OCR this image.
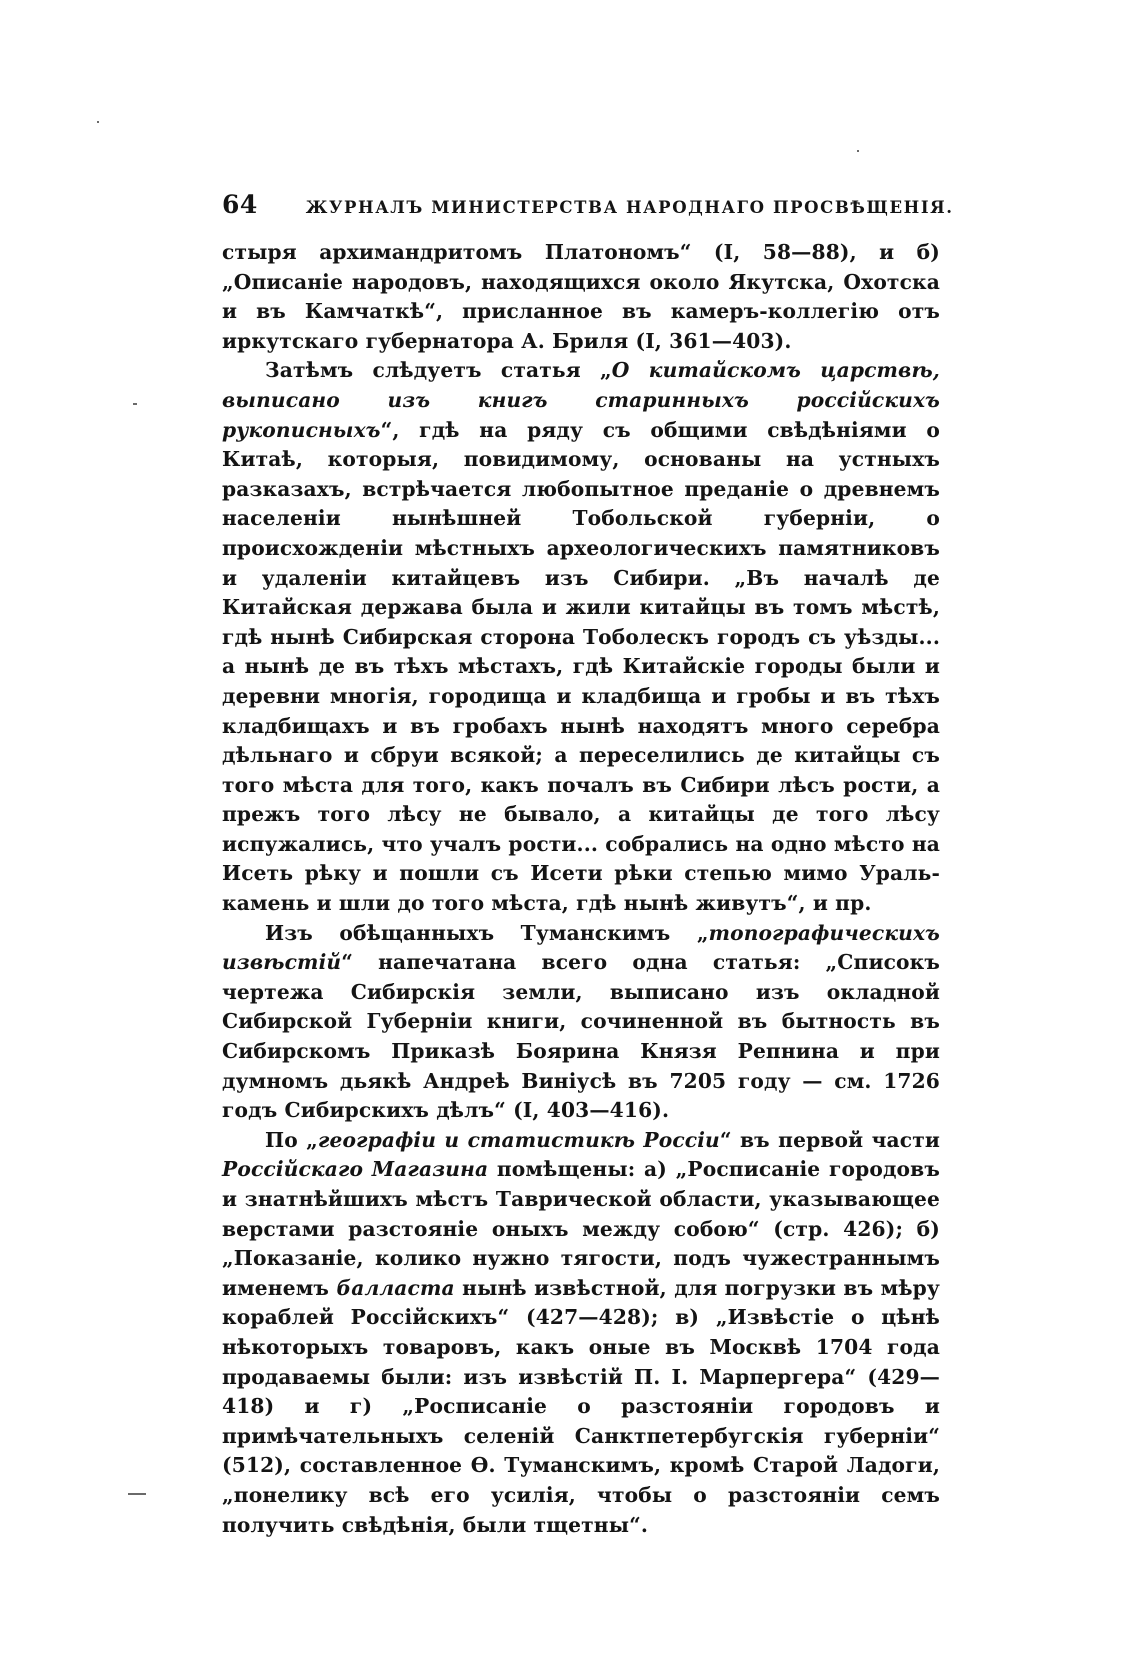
64	ЖУРНАЛЪ МИНИСТЕРСТВА НАРОДНАГО ПРОСВѢЩЕНІЯ.

стыря архимандритомъ Платономъ“ (I, 58—88), и б) „Описаніе народовъ, находящихся около Якутска, Охотска и въ Камчаткѣ“, присланное въ камеръ-коллегію отъ иркутскаго губернатора А. Бриля (I, 361—403).

Затѣмъ слѣдуетъ статья „О китайскомъ царствѣ, выписано изъ книгъ старинныхъ россійскихъ рукописныхъ“, гдѣ на ряду съ общими свѣдѣніями о Китаѣ, которыя, повидимому, основаны на устныхъ разказахъ, встрѣчается любопытное преданіе о древнемъ населеніи нынѣшней Тобольской губерніи, о происхожденіи мѣстныхъ археологическихъ памятниковъ и удаленіи китайцевъ изъ Сибири. „Въ началѣ де Китайская держава была и жили китайцы въ томъ мѣстѣ, гдѣ нынѣ Сибирская сторона Тоболескъ городъ съ уѣзды... а нынѣ де въ тѣхъ мѣстахъ, гдѣ Китайскіе городы были и деревни многія, городища и кладбища и гробы и въ тѣхъ кладбищахъ и въ гробахъ нынѣ находятъ много серебра дѣльнаго и сбруи всякой; а переселились де китайцы съ того мѣста для того, какъ почалъ въ Сибири лѣсъ рости, а прежъ того лѣсу не бывало, а китайцы де того лѣсу испужались, что учалъ рости... собрались на одно мѣсто на Исеть рѣку и пошли съ Исети рѣки степью мимо Ураль-камень и шли до того мѣста, гдѣ нынѣ живутъ“, и пр.

Изъ обѣщанныхъ Туманскимъ „топографическихъ извѣстій“ напечатана всего одна статья: „Списокъ чертежа Сибирскія земли, выписано изъ окладной Сибирской Губерніи книги, сочиненной въ бытность въ Сибирскомъ Приказѣ Боярина Князя Репнина и при думномъ дьякѣ Андреѣ Виніусѣ въ 7205 году — см. 1726 годъ Сибирскихъ дѣлъ“ (I, 403—416).

По „географіи и статистикѣ Россіи“ въ первой части Россійскаго Магазина помѣщены: а) „Росписаніе городовъ и знатнѣйшихъ мѣстъ Таврической области, указывающее верстами разстояніе оныхъ между собою“ (стр. 426); б) „Показаніе, колико нужно тягости, подъ чужестраннымъ именемъ балласта нынѣ извѣстной, для погрузки въ мѣру кораблей Россійскихъ“ (427—428); в) „Извѣстіе о цѣнѣ нѣкоторыхъ товаровъ, какъ оные въ Москвѣ 1704 года продаваемы были: изъ извѣстій П. I. Марпергера“ (429—418) и г) „Росписаніе о разстояніи городовъ и примѣчательныхъ селеній Санктпетербугскія губерніи“ (512), составленное Ѳ. Туманскимъ, кромѣ Старой Ладоги, „понелику всѣ его усилія, чтобы о разстояніи семъ получить свѣдѣнія, были тщетны“.
